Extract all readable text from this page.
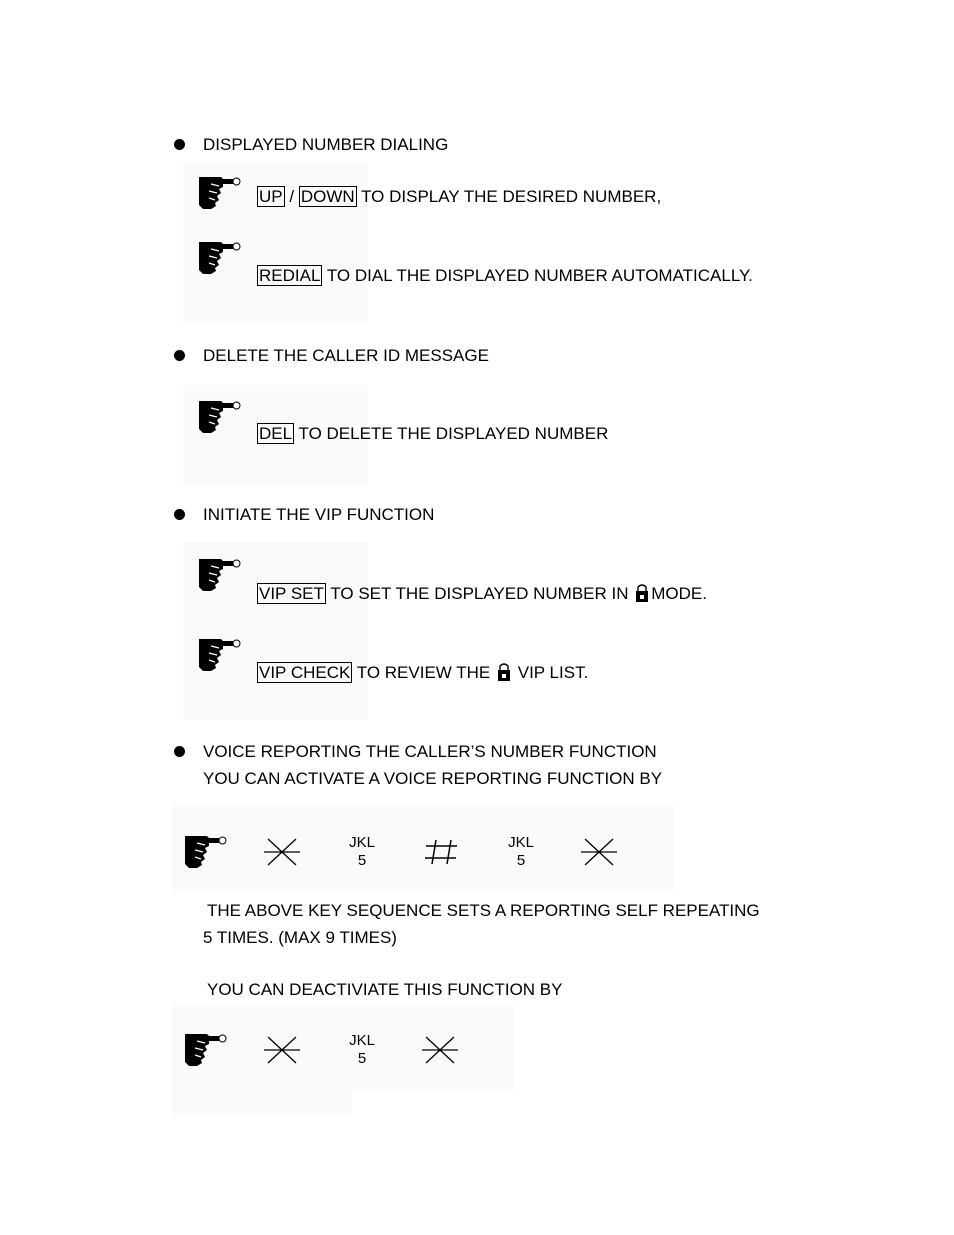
DISPLAYED NUMBER DIALING
UP / DOWN TO DISPLAY THE DESIRED NUMBER,
REDIAL TO DIAL THE DISPLAYED NUMBER AUTOMATICALLY.
DELETE THE CALLER ID MESSAGE
DEL TO DELETE THE DISPLAYED NUMBER
INITIATE THE VIP FUNCTION
VIP SET TO SET THE DISPLAYED NUMBER IN MODE.
VIP CHECK TO REVIEW THE VIP LIST.
VOICE REPORTING THE CALLER’S NUMBER FUNCTION
YOU CAN ACTIVATE A VOICE REPORTING FUNCTION BY
JKL
5
JKL
5
THE ABOVE KEY SEQUENCE SETS A REPORTING SELF REPEATING
5 TIMES. (MAX 9 TIMES)
YOU CAN DEACTIVIATE THIS FUNCTION BY
JKL
5
